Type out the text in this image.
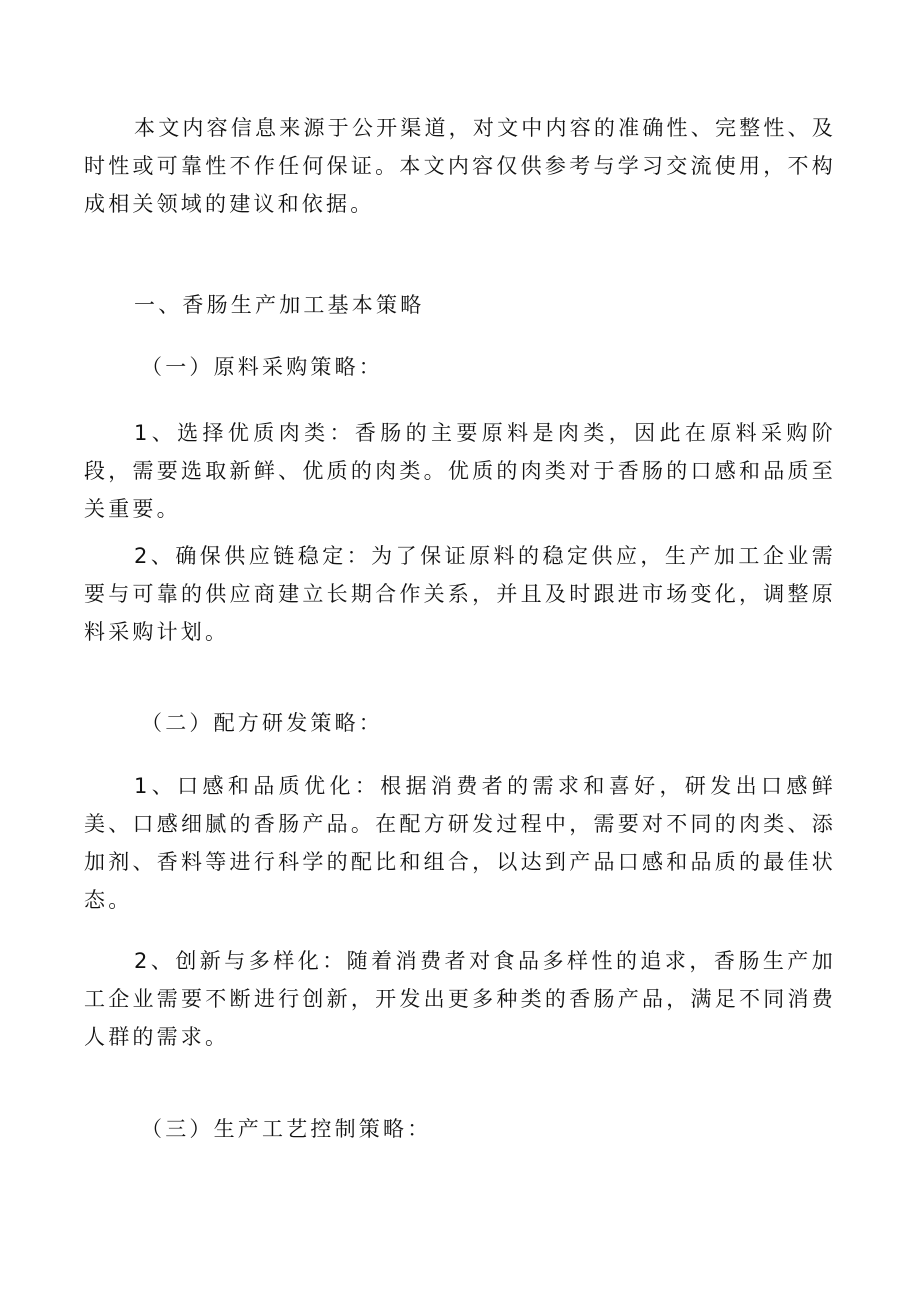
本文内容信息来源于公开渠道，对文中内容的准确性、完整性、及时性或可靠性不作任何保证。本文内容仅供参考与学习交流使用，不构成相关领域的建议和依据。

一、香肠生产加工基本策略

（一）原料采购策略：

1、选择优质肉类：香肠的主要原料是肉类，因此在原料采购阶段，需要选取新鲜、优质的肉类。优质的肉类对于香肠的口感和品质至关重要。

2、确保供应链稳定：为了保证原料的稳定供应，生产加工企业需要与可靠的供应商建立长期合作关系，并且及时跟进市场变化，调整原料采购计划。

（二）配方研发策略：

1、口感和品质优化：根据消费者的需求和喜好，研发出口感鲜美、口感细腻的香肠产品。在配方研发过程中，需要对不同的肉类、添加剂、香料等进行科学的配比和组合，以达到产品口感和品质的最佳状态。

2、创新与多样化：随着消费者对食品多样性的追求，香肠生产加工企业需要不断进行创新，开发出更多种类的香肠产品，满足不同消费人群的需求。

（三）生产工艺控制策略：
